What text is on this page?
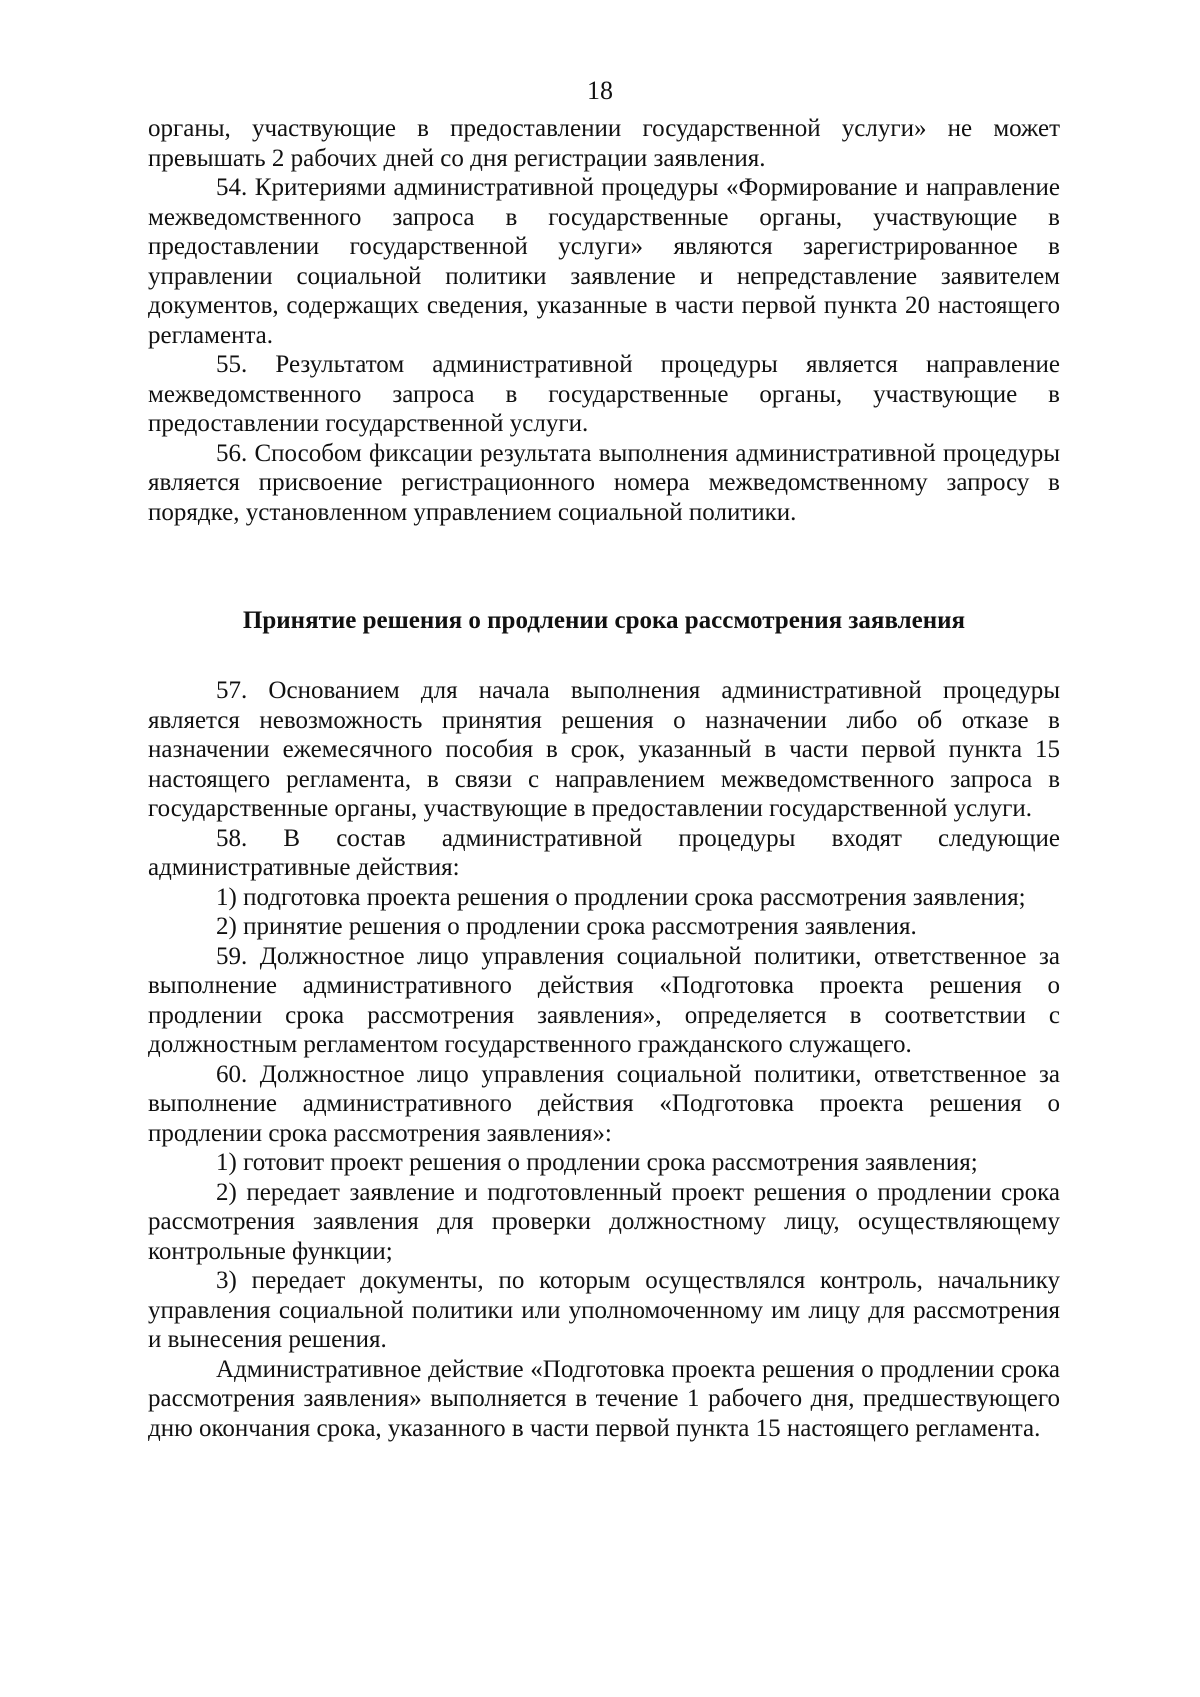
18

органы, участвующие в предоставлении государственной услуги» не может превышать 2 рабочих дней со дня регистрации заявления.

54. Критериями административной процедуры «Формирование и направление межведомственного запроса в государственные органы, участвующие в предоставлении государственной услуги» являются зарегистрированное в управлении социальной политики заявление и непредставление заявителем документов, содержащих сведения, указанные в части первой пункта 20 настоящего регламента.

55. Результатом административной процедуры является направление межведомственного запроса в государственные органы, участвующие в предоставлении государственной услуги.

56. Способом фиксации результата выполнения административной процедуры является присвоение регистрационного номера межведомственному запросу в порядке, установленном управлением социальной политики.

Принятие решения о продлении срока рассмотрения заявления

57. Основанием для начала выполнения административной процедуры является невозможность принятия решения о назначении либо об отказе в назначении ежемесячного пособия в срок, указанный в части первой пункта 15 настоящего регламента, в связи с направлением межведомственного запроса в государственные органы, участвующие в предоставлении государственной услуги.

58. В состав административной процедуры входят следующие административные действия:

1) подготовка проекта решения о продлении срока рассмотрения заявления;

2) принятие решения о продлении срока рассмотрения заявления.

59. Должностное лицо управления социальной политики, ответственное за выполнение административного действия «Подготовка проекта решения о продлении срока рассмотрения заявления», определяется в соответствии с должностным регламентом государственного гражданского служащего.

60. Должностное лицо управления социальной политики, ответственное за выполнение административного действия «Подготовка проекта решения о продлении срока рассмотрения заявления»:

1) готовит проект решения о продлении срока рассмотрения заявления;

2) передает заявление и подготовленный проект решения о продлении срока рассмотрения заявления для проверки должностному лицу, осуществляющему контрольные функции;

3) передает документы, по которым осуществлялся контроль, начальнику управления социальной политики или уполномоченному им лицу для рассмотрения и вынесения решения.

Административное действие «Подготовка проекта решения о продлении срока рассмотрения заявления» выполняется в течение 1 рабочего дня, предшествующего дню окончания срока, указанного в части первой пункта 15 настоящего регламента.
